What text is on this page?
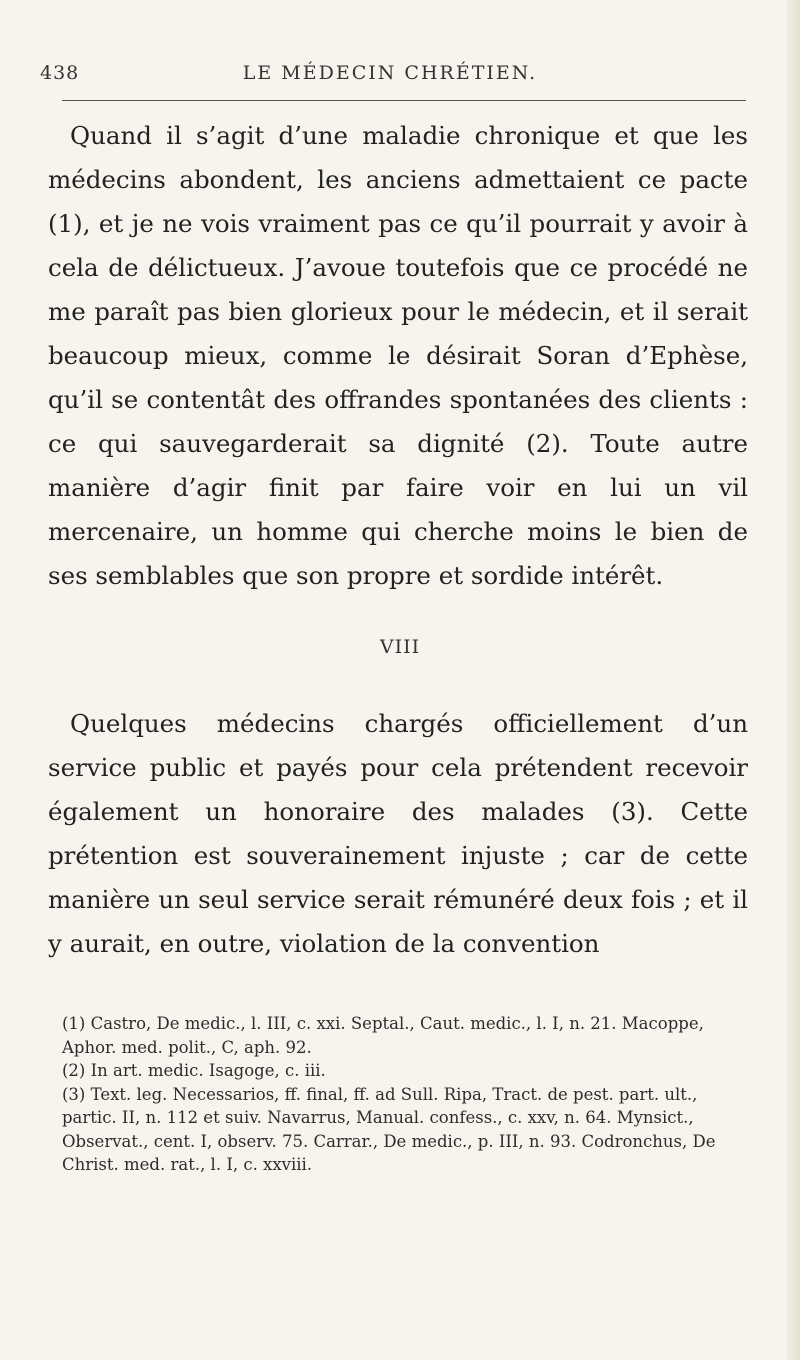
438	LE MÉDECIN CHRÉTIEN.

Quand il s’agit d’une maladie chronique et que les médecins abondent, les anciens admettaient ce pacte (1), et je ne vois vraiment pas ce qu’il pourrait y avoir à cela de délictueux. J’avoue toutefois que ce procédé ne me paraît pas bien glorieux pour le médecin, et il serait beaucoup mieux, comme le désirait Soran d’Ephèse, qu’il se contentât des offrandes spontanées des clients : ce qui sauvegarderait sa dignité (2). Toute autre manière d’agir finit par faire voir en lui un vil mercenaire, un homme qui cherche moins le bien de ses semblables que son propre et sordide intérêt.

VIII

Quelques médecins chargés officiellement d’un service public et payés pour cela prétendent recevoir également un honoraire des malades (3). Cette prétention est souverainement injuste ; car de cette manière un seul service serait rémunéré deux fois ; et il y aurait, en outre, violation de la convention

(1) Castro, De medic., l. III, c. xxi. Septal., Caut. medic., l. I, n. 21. Macoppe, Aphor. med. polit., C, aph. 92.

(2) In art. medic. Isagoge, c. iii.

(3) Text. leg. Necessarios, ff. final, ff. ad Sull. Ripa, Tract. de pest. part. ult., partic. II, n. 112 et suiv. Navarrus, Manual. confess., c. xxv, n. 64. Mynsict., Observat., cent. I, observ. 75. Carrar., De medic., p. III, n. 93. Codronchus, De Christ. med. rat., l. I, c. xxviii.
